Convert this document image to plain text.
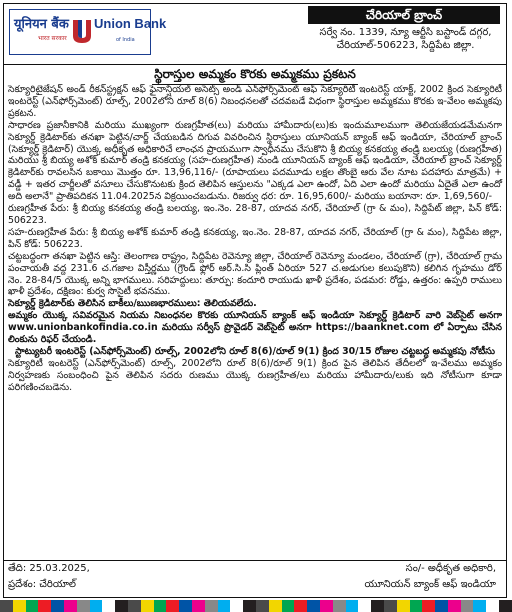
यूनियन बैंक
भारत सरकार
Union Bank
of India
చేరియాల్ బ్రాంచ్
సర్వే నం. 1339, న్యూ ఆర్టీసి బస్టాండ్ దగ్గర,
చేరియాల్-506223, సిద్దిపేట జిల్లా.
స్థిరాస్తుల అమ్మకం కొరకు అమ్మకము ప్రకటన

సెక్యూరిటైజేషన్ అండ్ రీకన్‌స్ట్రక్షన్ ఆఫ్ ఫైనాన్షియల్ అసెట్స్ అండ్ ఎన్‌ఫోర్స్‌మెంట్ ఆఫ్ సెక్యూరిటీ ఇంటరెస్ట్ యాక్ట్, 2002 క్రింద సెక్యూరిటీ ఇంటరెస్ట్ (ఎన్‌ఫోర్స్‌మెంట్) రూల్స్, 2002లోని రూల్ 8(6) నిబంధనలతో చదవబడే విధంగా స్థిరాస్తుల అమ్మకము కొరకు ఇ-వేలం అమ్మకపు ప్రకటన.

సాధారణ ప్రజానీకానికి మరియు ముఖ్యంగా రుణగ్రహీత(లు) మరియు హామీదారు(లు)కు ఇందుమూలముగా తెలియజేయడమేమనగా సెక్యూర్డ్ క్రెడిటార్‌కు తనఖా పెట్టిన/చార్జ్ చేయబడిన దిగువ వివరించిన స్థిరాస్తులు యూనియన్ బ్యాంక్ ఆఫ్ ఇండియా, చేరియాల్ బ్రాంచ్ (సెక్యూర్డ్ క్రెడిటార్) యొక్క అధీకృత అధికారిచే లాంఛన ప్రాయముగా స్వాధీనము చేసుకొని శ్రీ బియ్య కనకయ్య తండ్రి బలయ్య (రుణగ్రహీత) మరియు శ్రీ బియ్య అశోక్ కుమార్ తండ్రి కనకయ్య (సహ-రుణగ్రహీత) నుండి యూనియన్ బ్యాంక్ ఆఫ్ ఇండియా, చేరియాల్ బ్రాంచ్ సెక్యూర్డ్ క్రెడిటార్‌కు రావలసిన బకాయి మొత్తం రూ. 13,96,116/- (రూపాయలు పదమూడు లక్షల తొంబై ఆరు వేల నూట పదహారు మాత్రమే) + వడ్డీ + ఇతర చార్జీలతో వసూలు చేసుకొనుటకు క్రింద తెలిపిన ఆస్తులను "ఎక్కడ ఎలా ఉందో, ఏది ఎలా ఉందో మరియు ఏదైతే ఎలా ఉందో అది అలానే" ప్రాతిపదికన 11.04.2025న విక్రయించబడును. రిజర్వు ధర: రూ. 16,95,600/- మరియు బయానా: రూ. 1,69,560/-

రుణగ్రహీత పేరు: శ్రీ బియ్య కనకయ్య తండ్రి బలయ్య, ఇం.నెం. 28-87, యాదవ నగర్, చేరియాల్ (గ్రా & మం), సిద్దిపేట్ జిల్లా, పిన్ కోడ్: 506223.

సహ-రుణగ్రహీత పేరు: శ్రీ బియ్య అశోక్ కుమార్ తండ్రి కనకయ్య, ఇం.నెం. 28-87, యాదవ నగర్, చేరియాల్ (గ్రా & మం), సిద్దిపేట జిల్లా, పిన్ కోడ్: 506223.

చట్టబద్ధంగా తనఖా పెట్టిన ఆస్తి: తెలంగాణ రాష్ట్రం, సిద్దిపేట రెవెన్యూ జిల్లా, చేరియాల్ రెవెన్యూ మండలం, చేరియాల్ (గ్రా), చేరియాల్ గ్రామ పంచాయతీ వద్ద 231.6 చ.గజాల విస్తీర్ణము (గ్రౌండ్ ఫ్లోర్ ఆర్.సి.సి ప్లింత్ ఏరియా 527 చ.అడుగుల కలుపుకొని) కలిగిన గృహము డోర్ నెం. 28-84/5 యొక్క అన్ని భాగములు. సరిహద్దులు: తూర్పు: కందూరి రాయుడు ఖాళీ ప్రదేశం, పడమర: రోడ్డు, ఉత్తరం: ఉప్పరి రాములు ఖాళీ ప్రదేశం, దక్షిణం: కుర్వ సొసైటీ భవనము.

సెక్యూర్డ్ క్రెడిటార్‌కు తెలిసిన బాకీలు/ఋణభారములు: తెలియవలేదు.

అమ్మకం యొక్క సవివరమైన నియమ నిబంధనల కొరకు యూనియన్ బ్యాంక్ ఆఫ్ ఇండియా సెక్యూర్డ్ క్రెడిటార్ వారి వెబ్‌సైట్ అనగా www.unionbankofindia.co.in మరియు సర్వీస్ ప్రొవైడర్ వెబ్‌సైట్ అనగా https://baanknet.com లో ఏర్పాటు చేసిన లింకును రిఫర్ చేయండి.

స్టాట్యుటరీ ఇంటరెస్ట్ (ఎన్‌ఫోర్స్‌మెంట్) రూల్స్, 2002లోని రూల్ 8(6)/రూల్ 9(1) క్రింద 30/15 రోజుల చట్టబద్ధ అమ్మకపు నోటీసు

సెక్యూరిటీ ఇంటరెస్ట్ (ఎన్‌ఫోర్స్‌మెంట్) రూల్స్, 2002లోని రూల్ 8(6)/రూల్ 9(1) క్రింద పైన తెలిపిన తేదీలలో ఇ-వేలము అమ్మకం నిర్వహణకు సంబంధించి పైన తెలిపిన సదరు రుణము యొక్క రుణగ్రహీత/లు మరియు హామీదారు/లుకు ఇది నోటీసుగా కూడా పరిగణించబడెను.

తేది: 25.03.2025,	సం/- అధీకృత అధికారి,
ప్రదేశం: చేరియాల్	యూనియన్ బ్యాంక్ ఆఫ్ ఇండియా
